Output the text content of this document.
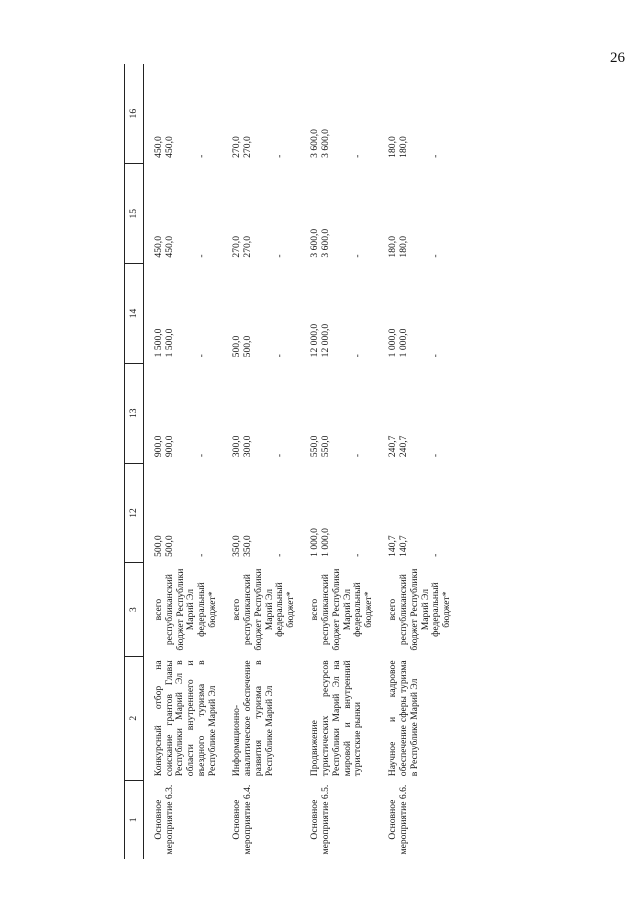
26
1	2	3	12	13	14	15	16
Основное мероприятие 6.3.	Конкурсный отбор на соискание грантов Главы Республики Марий Эл в области внутреннего и въездного туризма в Республике Марий Эл	всего республиканский бюджет Республики Марий Эл федеральный бюджет*	500,0 500,0 -	900,0 900,0 -	1 500,0 1 500,0 -	450,0 450,0 -	450,0 450,0 -

Основное мероприятие 6.4.	Информационно-аналитическое обеспечение развития туризма в Республике Марий Эл	всего республиканский бюджет Республики Марий Эл федеральный бюджет*	350,0 350,0 -	300,0 300,0 -	500,0 500,0 -	270,0 270,0 -	270,0 270,0 -

Основное мероприятие 6.5.	Продвижение туристических ресурсов Республики Марий Эл на мировой и внутренний туристские рынки	всего республиканский бюджет Республики Марий Эл федеральный бюджет*	1 000,0 1 000,0 -	550,0 550,0 -	12 000,0 12 000,0 -	3 600,0 3 600,0 -	3 600,0 3 600,0 -

Основное мероприятие 6.6.	Научное и кадровое обеспечение сферы туризма в Республике Марий Эл	всего республиканский бюджет Республики Марий Эл федеральный бюджет*	140,7 140,7 -	240,7 240,7 -	1 000,0 1 000,0 -	180,0 180,0 -	180,0 180,0 -
